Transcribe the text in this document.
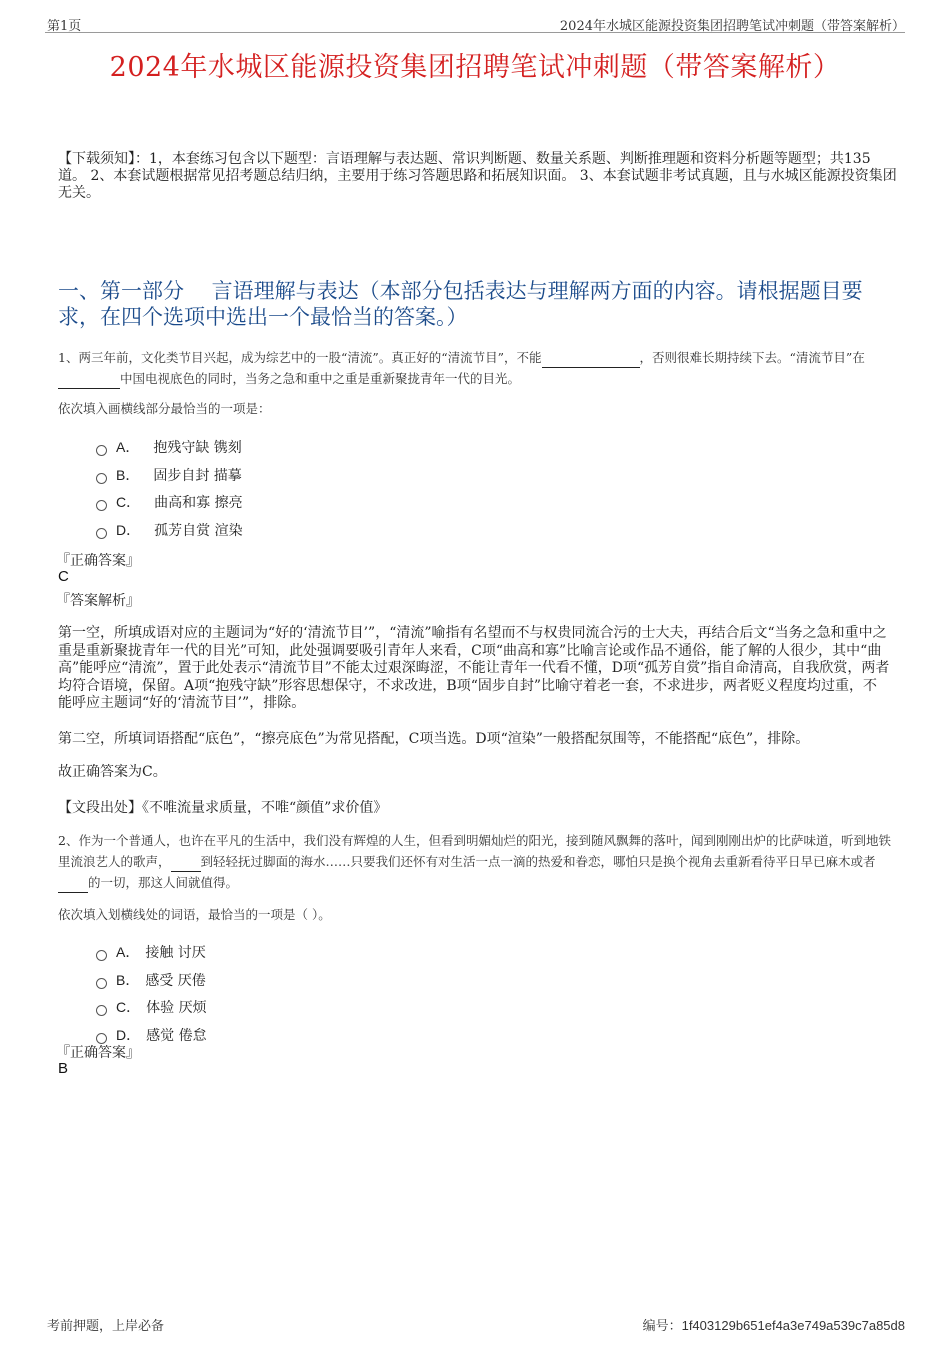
第1页	2024年水城区能源投资集团招聘笔试冲刺题（带答案解析）
2024年水城区能源投资集团招聘笔试冲刺题（带答案解析）
【下载须知】：1，本套练习包含以下题型：言语理解与表达题、常识判断题、数量关系题、判断推理题和资料分析题等题型；共135道。 2、本套试题根据常见招考题总结归纳，主要用于练习答题思路和拓展知识面。 3、本套试题非考试真题，且与水城区能源投资集团无关。
一、第一部分　 言语理解与表达（本部分包括表达与理解两方面的内容。请根据题目要求，在四个选项中选出一个最恰当的答案。）
1、两三年前，文化类节目兴起，成为综艺中的一股“清流”。真正好的“清流节目”，不能	，否则很难长期持续下去。“清流节目”在中国电视底色的同时，当务之急和重中之重是重新聚拢青年一代的目光。
依次填入画横线部分最恰当的一项是：
A． 抱残守缺 镌刻
B． 固步自封 描摹
C． 曲高和寡 擦亮
D． 孤芳自赏 渲染
『正确答案』
C
『答案解析』
第一空，所填成语对应的主题词为“好的‘清流节目’”，“清流”喻指有名望而不与权贵同流合污的士大夫，再结合后文“当务之急和重中之重是重新聚拢青年一代的目光”可知，此处强调要吸引青年人来看，C项“曲高和寡”比喻言论或作品不通俗，能了解的人很少，其中“曲高”能呼应“清流”，置于此处表示“清流节目”不能太过艰深晦涩，不能让青年一代看不懂，D项“孤芳自赏”指自命清高，自我欣赏，两者均符合语境，保留。A项“抱残守缺”形容思想保守，不求改进，B项“固步自封”比喻守着老一套，不求进步，两者贬义程度均过重，不能呼应主题词“好的‘清流节目’”，排除。
第二空，所填词语搭配“底色”，“擦亮底色”为常见搭配，C项当选。D项“渲染”一般搭配氛围等，不能搭配“底色”，排除。
故正确答案为C。
【文段出处】《不唯流量求质量，不唯“颜值”求价值》
2、作为一个普通人，也许在平凡的生活中，我们没有辉煌的人生，但看到明媚灿烂的阳光，接到随风飘舞的落叶，闻到刚刚出炉的比萨味道，听到地铁里流浪艺人的歌声， 到轻轻抚过脚面的海水……只要我们还怀有对生活一点一滴的热爱和眷恋，哪怕只是换个视角去重新看待平日早已麻木或者的一切，那这人间就值得。
依次填入划横线处的词语，最恰当的一项是（ ）。
A． 接触 讨厌
B． 感受 厌倦
C． 体验 厌烦
D． 感觉 倦怠
『正确答案』
B
考前押题，上岸必备	编号：1f403129b651ef4a3e749a539c7a85d8
